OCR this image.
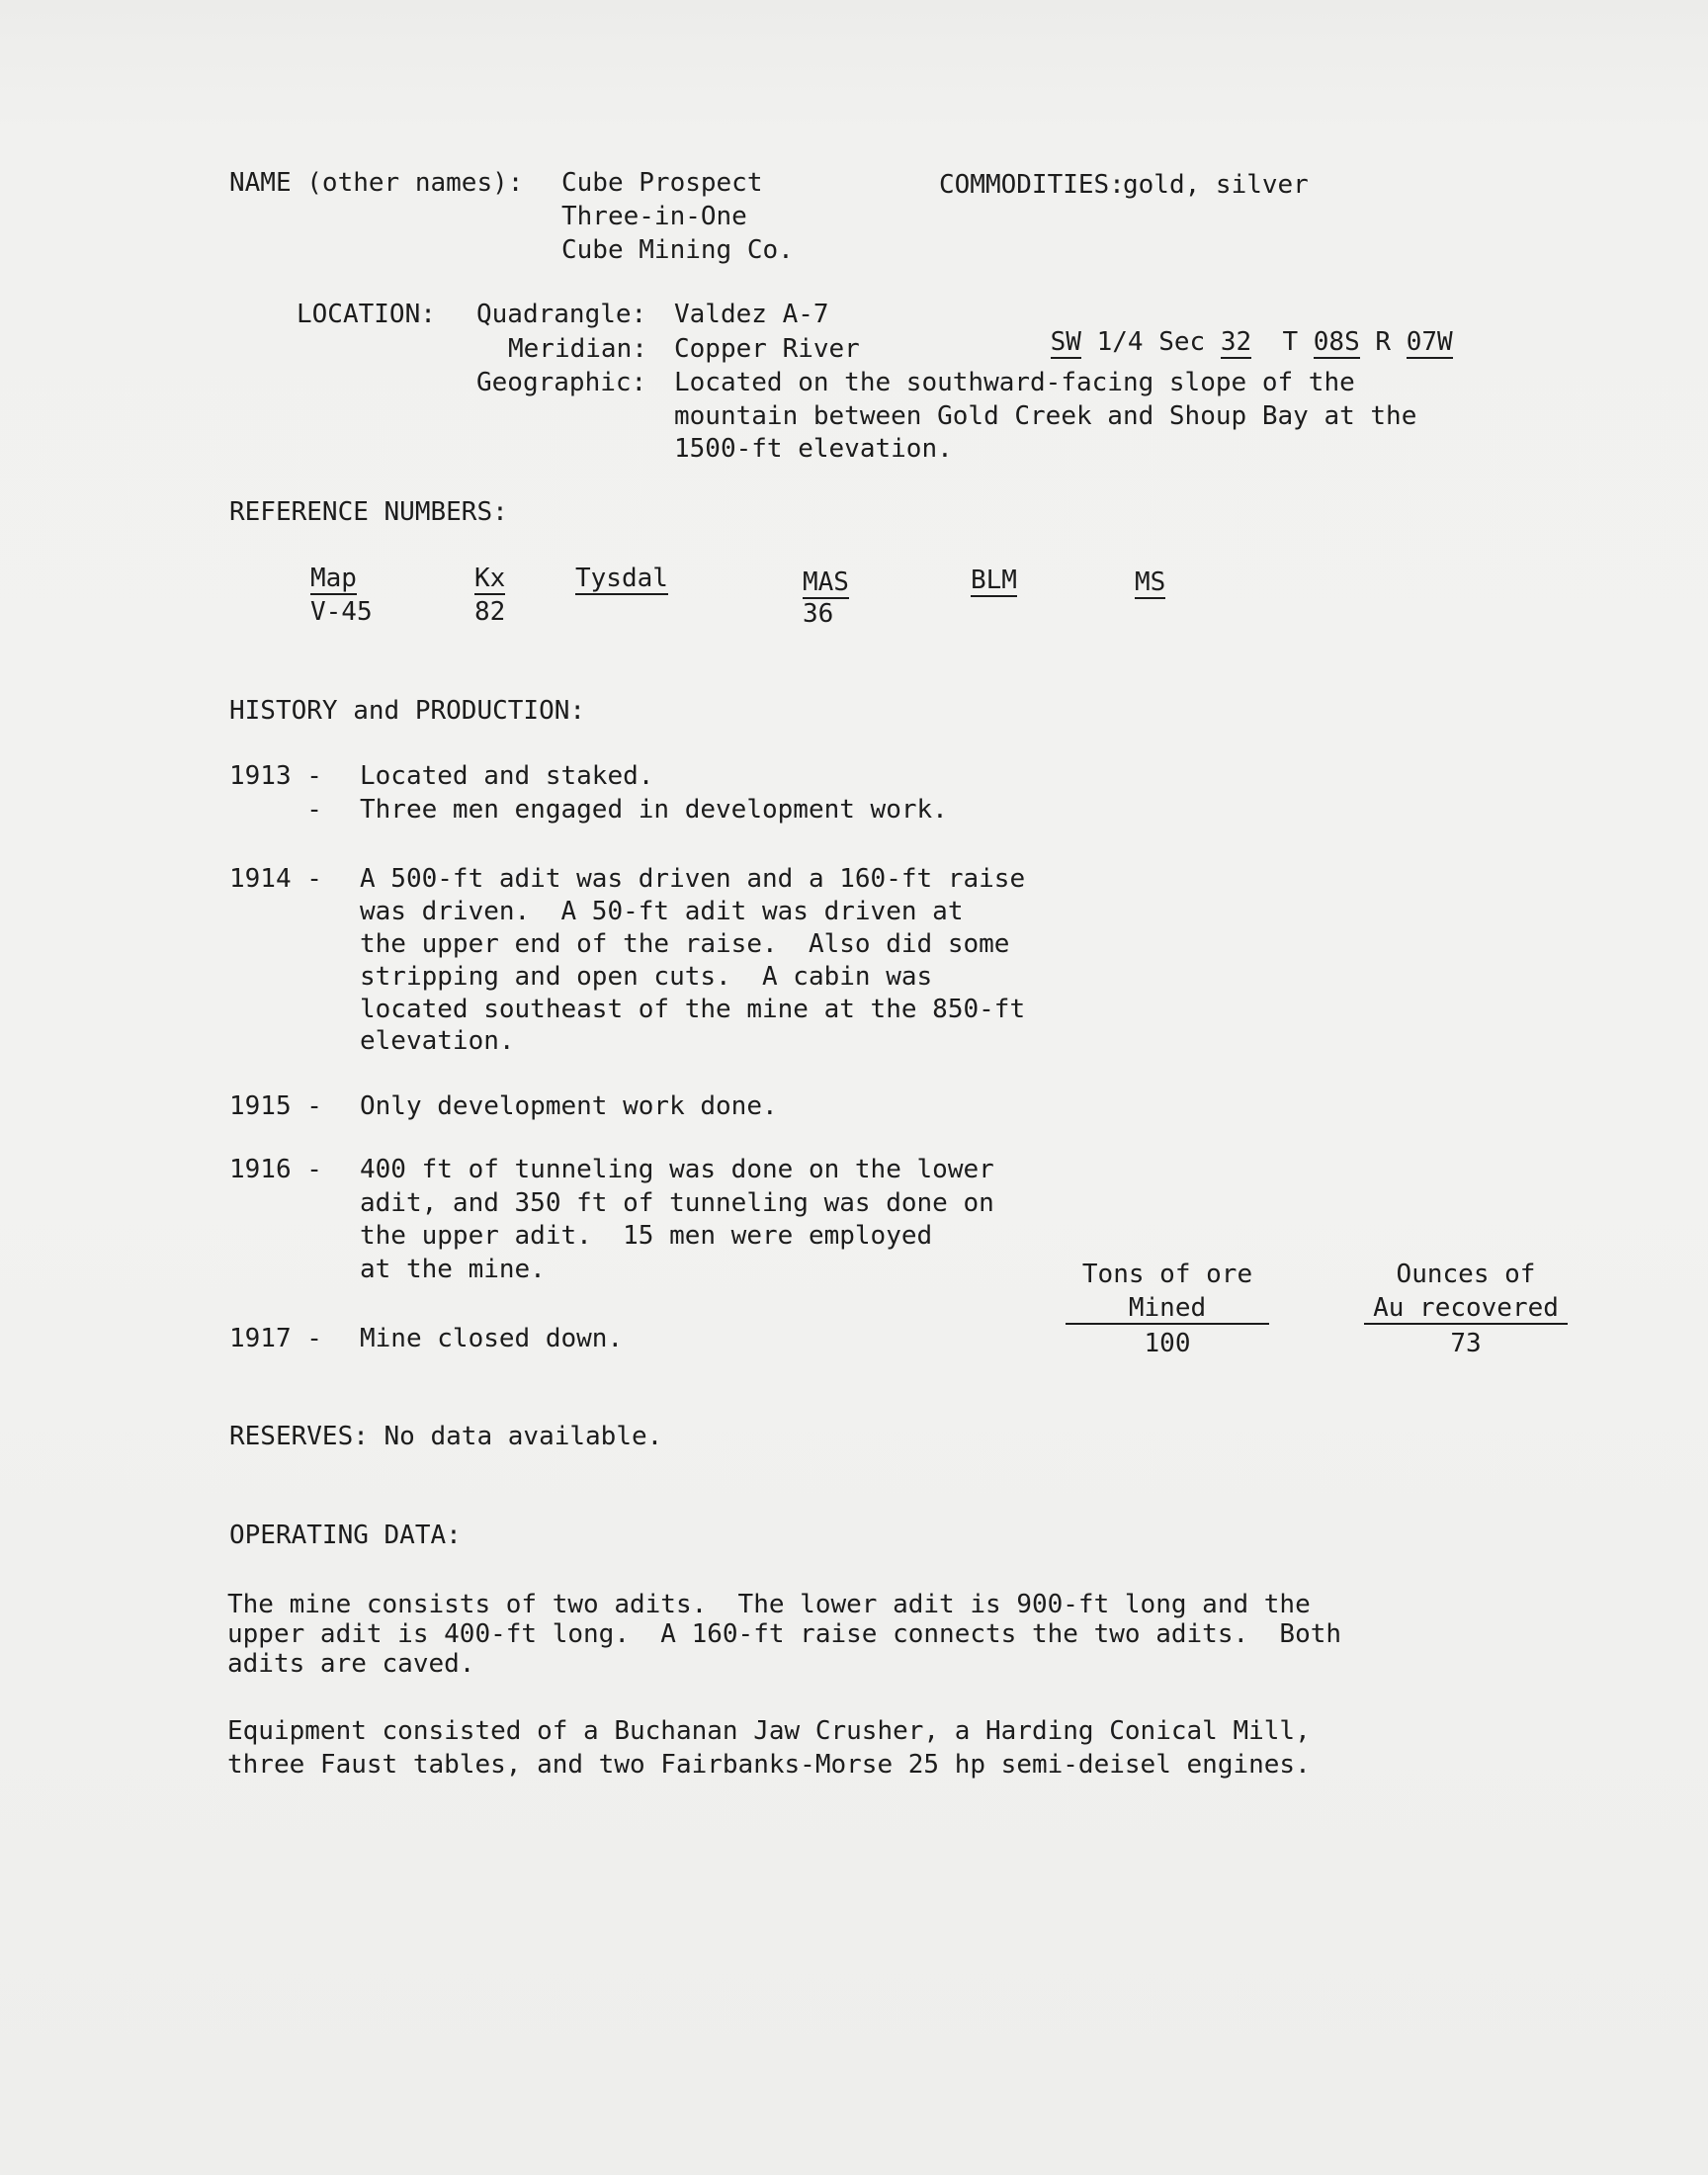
NAME (other names): Cube Prospect
Three-in-One
Cube Mining Co.
COMMODITIES:
gold, silver
LOCATION: Quadrangle: Valdez A-7
Meridian: Copper River
Geographic: Located on the southward-facing slope of the
mountain between Gold Creek and Shoup Bay at the
1500-ft elevation.

SW 1/4 Sec 32 T 08S R 07W

REFERENCE NUMBERS:
Map
V-45
Kx
82
Tysdal	MAS
36
BLM	MS
HISTORY and PRODUCTION:
1913 - Located and staked.
- Three men engaged in development work.
1914 - A 500-ft adit was driven and a 160-ft raise
was driven.  A 50-ft adit was driven at
the upper end of the raise.  Also did some
stripping and open cuts.  A cabin was
located southeast of the mine at the 850-ft
elevation.
1915 - Only development work done.
1916 - 400 ft of tunneling was done on the lower
adit, and 350 ft of tunneling was done on
the upper adit.  15 men were employed
at the mine.
1917 - Mine closed down.
Tons of ore
Mined
100
Ounces of
Au recovered
73
RESERVES: No data available.
OPERATING DATA:
The mine consists of two adits.  The lower adit is 900-ft long and the
upper adit is 400-ft long.  A 160-ft raise connects the two adits.  Both
adits are caved.
Equipment consisted of a Buchanan Jaw Crusher, a Harding Conical Mill,
three Faust tables, and two Fairbanks-Morse 25 hp semi-deisel engines.
